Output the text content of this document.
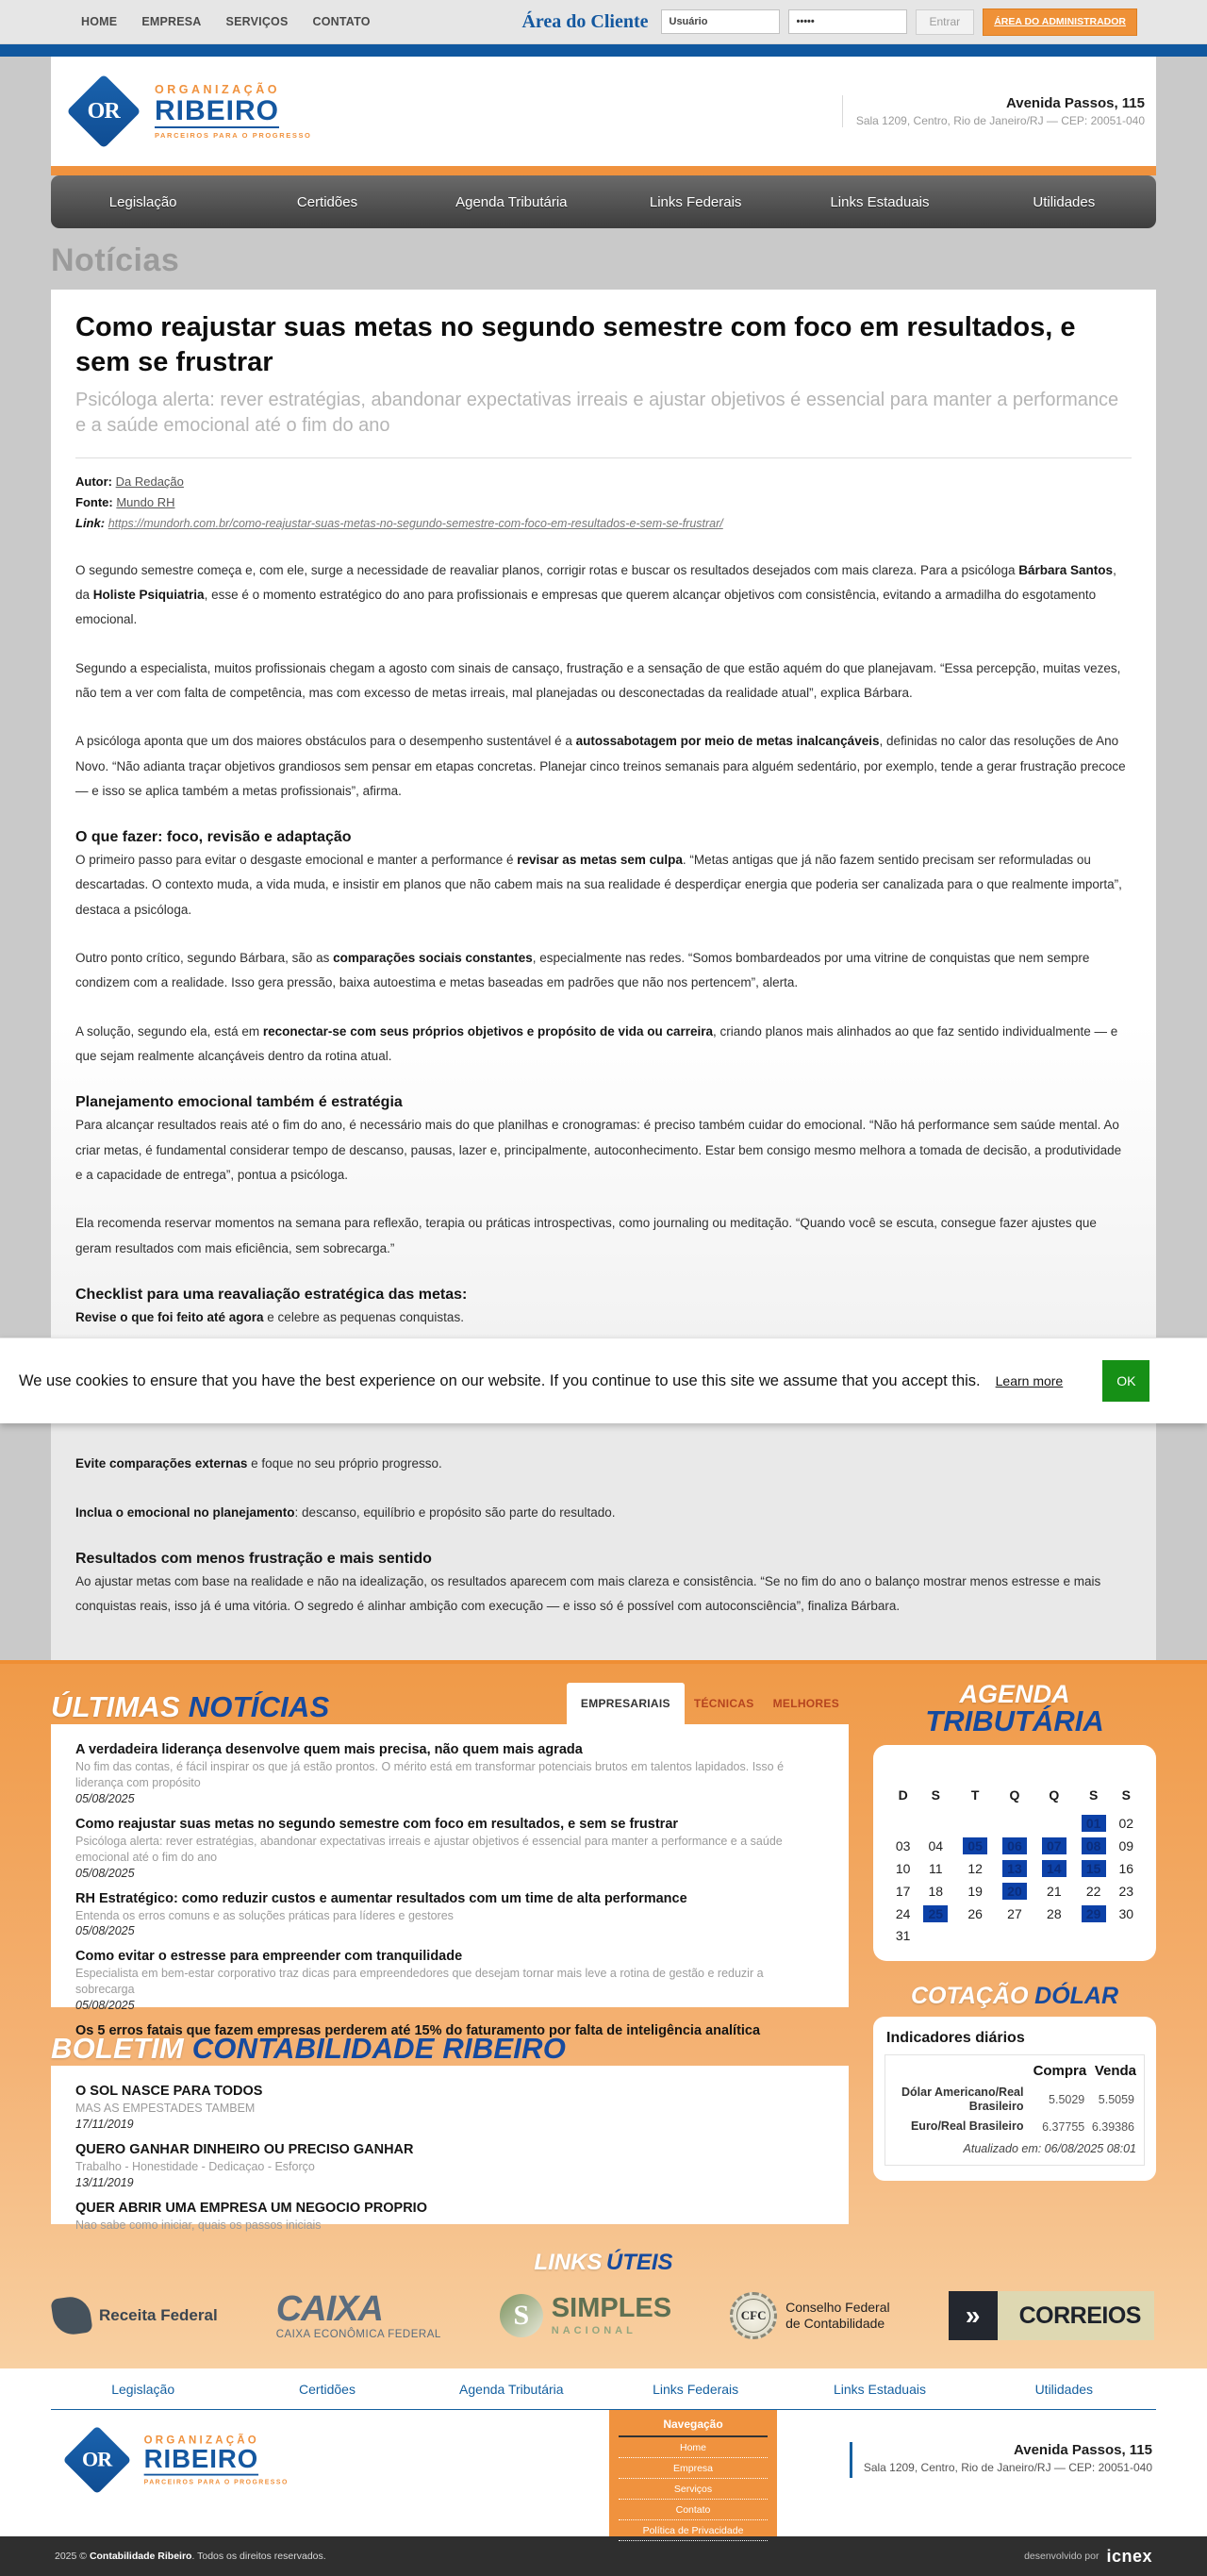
HOME EMPRESA SERVIÇOS CONTATO	Área do Cliente
Usuário
•••••	Entrar	ÁREA DO ADMINISTRADOR
OR
ORGANIZAÇÃO
RIBEIRO
PARCEIROS PARA O PROGRESSO
Avenida Passos, 115
Sala 1209, Centro, Rio de Janeiro/RJ — CEP: 20051-040
Legislação	Certidões	Agenda Tributária	Links Federais	Links Estaduais	Utilidades
Notícias
Como reajustar suas metas no segundo semestre com foco em resultados, e sem se frustrar
Psicóloga alerta: rever estratégias, abandonar expectativas irreais e ajustar objetivos é essencial para manter a performance e a saúde emocional até o fim do ano
Autor: Da Redação
Fonte: Mundo RH
Link: https://mundorh.com.br/como-reajustar-suas-metas-no-segundo-semestre-com-foco-em-resultados-e-sem-se-frustrar/

O segundo semestre começa e, com ele, surge a necessidade de reavaliar planos, corrigir rotas e buscar os resultados desejados com mais clareza. Para a psicóloga Bárbara Santos, da Holiste Psiquiatria, esse é o momento estratégico do ano para profissionais e empresas que querem alcançar objetivos com consistência, evitando a armadilha do esgotamento emocional.

Segundo a especialista, muitos profissionais chegam a agosto com sinais de cansaço, frustração e a sensação de que estão aquém do que planejavam. “Essa percepção, muitas vezes, não tem a ver com falta de competência, mas com excesso de metas irreais, mal planejadas ou desconectadas da realidade atual”, explica Bárbara.

A psicóloga aponta que um dos maiores obstáculos para o desempenho sustentável é a autossabotagem por meio de metas inalcançáveis, definidas no calor das resoluções de Ano Novo. “Não adianta traçar objetivos grandiosos sem pensar em etapas concretas. Planejar cinco treinos semanais para alguém sedentário, por exemplo, tende a gerar frustração precoce — e isso se aplica também a metas profissionais”, afirma.

O que fazer: foco, revisão e adaptação

O primeiro passo para evitar o desgaste emocional e manter a performance é revisar as metas sem culpa. “Metas antigas que já não fazem sentido precisam ser reformuladas ou descartadas. O contexto muda, a vida muda, e insistir em planos que não cabem mais na sua realidade é desperdiçar energia que poderia ser canalizada para o que realmente importa”, destaca a psicóloga.

Outro ponto crítico, segundo Bárbara, são as comparações sociais constantes, especialmente nas redes. “Somos bombardeados por uma vitrine de conquistas que nem sempre condizem com a realidade. Isso gera pressão, baixa autoestima e metas baseadas em padrões que não nos pertencem”, alerta.

A solução, segundo ela, está em reconectar-se com seus próprios objetivos e propósito de vida ou carreira, criando planos mais alinhados ao que faz sentido individualmente — e que sejam realmente alcançáveis dentro da rotina atual.

Planejamento emocional também é estratégia

Para alcançar resultados reais até o fim do ano, é necessário mais do que planilhas e cronogramas: é preciso também cuidar do emocional. “Não há performance sem saúde mental. Ao criar metas, é fundamental considerar tempo de descanso, pausas, lazer e, principalmente, autoconhecimento. Estar bem consigo mesmo melhora a tomada de decisão, a produtividade e a capacidade de entrega”, pontua a psicóloga.

Ela recomenda reservar momentos na semana para reflexão, terapia ou práticas introspectivas, como journaling ou meditação. “Quando você se escuta, consegue fazer ajustes que geram resultados com mais eficiência, sem sobrecarga.”

Checklist para uma reavaliação estratégica das metas:

Revise o que foi feito até agora e celebre as pequenas conquistas.

We use cookies to ensure that you have the best experience on our website. If you continue to use this site we assume that you accept this. Learn more	OK

Evite comparações externas e foque no seu próprio progresso.

Inclua o emocional no planejamento: descanso, equilíbrio e propósito são parte do resultado.

Resultados com menos frustração e mais sentido

Ao ajustar metas com base na realidade e não na idealização, os resultados aparecem com mais clareza e consistência. “Se no fim do ano o balanço mostrar menos estresse e mais conquistas reais, isso já é uma vitória. O segredo é alinhar ambição com execução — e isso só é possível com autoconsciência”, finaliza Bárbara.

ÚLTIMAS NOTÍCIAS	EMPRESARIAIS	TÉCNICAS	MELHORES
A verdadeira liderança desenvolve quem mais precisa, não quem mais agrada
No fim das contas, é fácil inspirar os que já estão prontos. O mérito está em transformar potenciais brutos em talentos lapidados. Isso é liderança com propósito
05/08/2025
Como reajustar suas metas no segundo semestre com foco em resultados, e sem se frustrar
Psicóloga alerta: rever estratégias, abandonar expectativas irreais e ajustar objetivos é essencial para manter a performance e a saúde emocional até o fim do ano
05/08/2025
RH Estratégico: como reduzir custos e aumentar resultados com um time de alta performance
Entenda os erros comuns e as soluções práticas para líderes e gestores
05/08/2025
Como evitar o estresse para empreender com tranquilidade
Especialista em bem-estar corporativo traz dicas para empreendedores que desejam tornar mais leve a rotina de gestão e reduzir a sobrecarga
05/08/2025
Os 5 erros fatais que fazem empresas perderem até 15% do faturamento por falta de inteligência analítica
BOLETIM CONTABILIDADE RIBEIRO
O SOL NASCE PARA TODOS
MAS AS EMPESTADES TAMBEM
17/11/2019
QUERO GANHAR DINHEIRO OU PRECISO GANHAR
Trabalho - Honestidade - Dedicaçao - Esforço
13/11/2019
QUER ABRIR UMA EMPRESA UM NEGOCIO PROPRIO
Nao sabe como iniciar, quais os passos iniciais
AGENDA
TRIBUTÁRIA
D	S	T	Q	Q	S	S
					01	02
03	04	05	06	07	08	09
10	11	12	13	14	15	16
17	18	19	20	21	22	23
24	25	26	27	28	29	30
31						
COTAÇÃO DÓLAR
Indicadores diários
	Compra	Venda
Dólar Americano/Real Brasileiro	5.5029	5.5059
Euro/Real Brasileiro	6.37755	6.39386
Atualizado em: 06/08/2025 08:01
LINKS ÚTEIS
Receita Federal CAIXA
CAIXA ECONÔMICA FEDERAL
S SIMPLES
NACIONAL
CFC
Conselho Federal
de Contabilidade	»	CORREIOS
Legislação	Certidões	Agenda Tributária	Links Federais	Links Estaduais	Utilidades
OR
ORGANIZAÇÃO
RIBEIRO
PARCEIROS PARA O PROGRESSO
Navegação
Home
Empresa
Serviços
Contato
Política de Privacidade
Avenida Passos, 115
Sala 1209, Centro, Rio de Janeiro/RJ — CEP: 20051-040
2025 © Contabilidade Ribeiro. Todos os direitos reservados.	desenvolvido por icnex
